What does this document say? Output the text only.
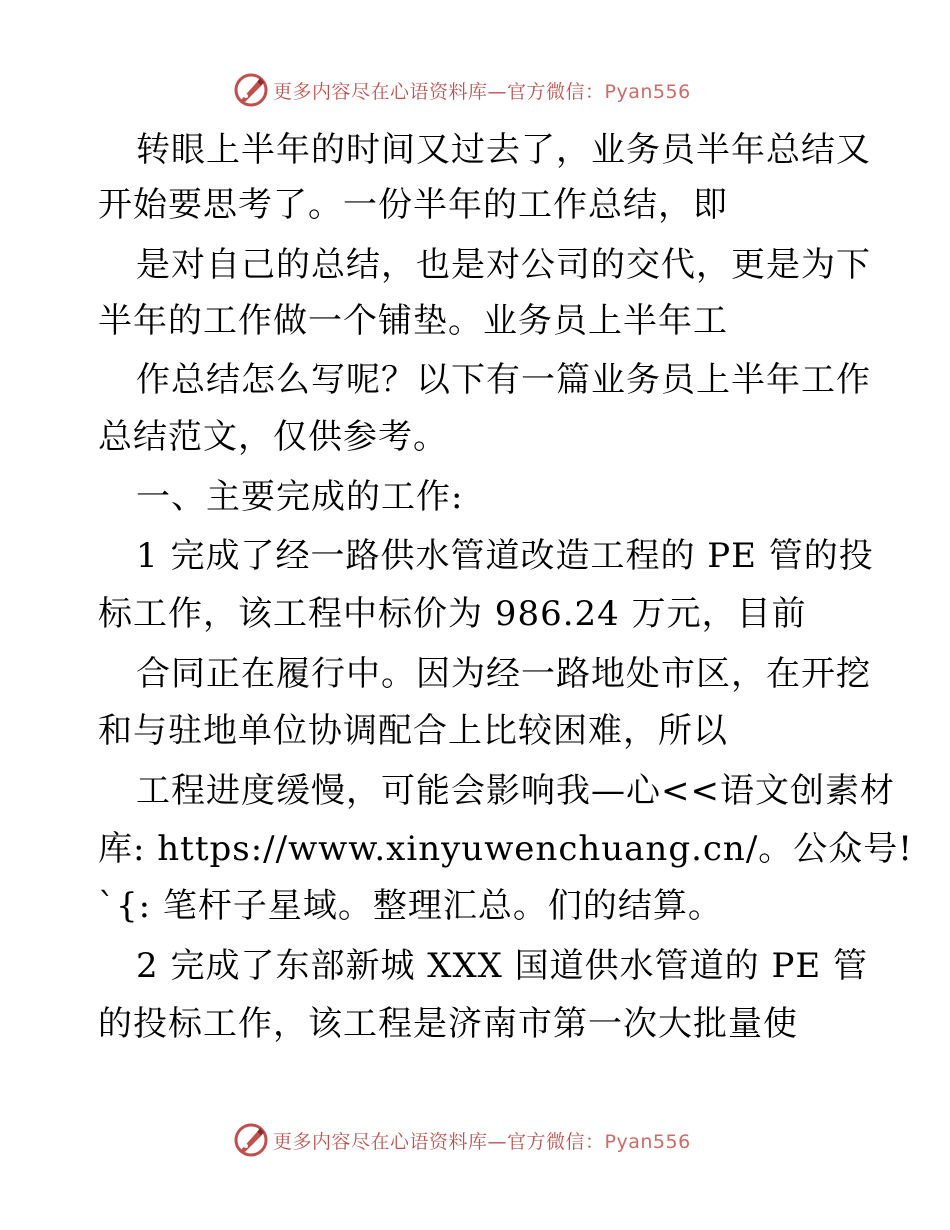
更多内容尽在心语资料库—官方微信：Pyan556
转眼上半年的时间又过去了，业务员半年总结又
开始要思考了。一份半年的工作总结，即
是对自己的总结，也是对公司的交代，更是为下
半年的工作做一个铺垫。业务员上半年工
作总结怎么写呢？以下有一篇业务员上半年工作
总结范文，仅供参考。
一、主要完成的工作:
1 完成了经一路供水管道改造工程的 PE 管的投
标工作，该工程中标价为 986.24 万元，目前
合同正在履行中。因为经一路地处市区，在开挖
和与驻地单位协调配合上比较困难，所以
工程进度缓慢，可能会影响我—心<<语文创素材
库: https://www.xinyuwenchuang.cn/。公众号!
`{: 笔杆子星域。整理汇总。们的结算。
2 完成了东部新城 XXX 国道供水管道的 PE 管
的投标工作，该工程是济南市第一次大批量使
更多内容尽在心语资料库—官方微信：Pyan556
